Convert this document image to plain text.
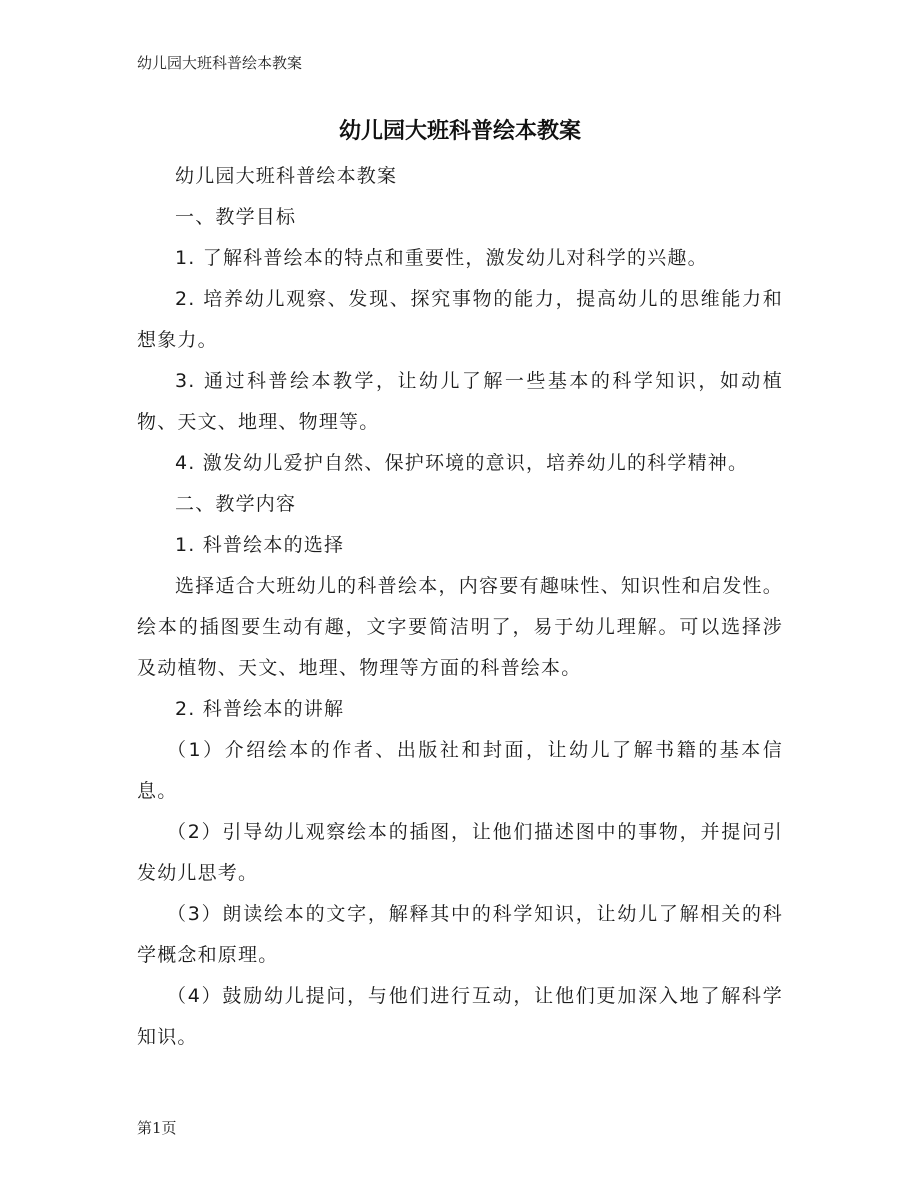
幼儿园大班科普绘本教案
幼儿园大班科普绘本教案

幼儿园大班科普绘本教案

一、教学目标

1. 了解科普绘本的特点和重要性，激发幼儿对科学的兴趣。

2. 培养幼儿观察、发现、探究事物的能力，提高幼儿的思维能力和想象力。

3. 通过科普绘本教学，让幼儿了解一些基本的科学知识，如动植物、天文、地理、物理等。

4. 激发幼儿爱护自然、保护环境的意识，培养幼儿的科学精神。

二、教学内容

1. 科普绘本的选择

选择适合大班幼儿的科普绘本，内容要有趣味性、知识性和启发性。绘本的插图要生动有趣，文字要简洁明了，易于幼儿理解。可以选择涉及动植物、天文、地理、物理等方面的科普绘本。

2. 科普绘本的讲解

（1）介绍绘本的作者、出版社和封面，让幼儿了解书籍的基本信息。

（2）引导幼儿观察绘本的插图，让他们描述图中的事物，并提问引发幼儿思考。

（3）朗读绘本的文字，解释其中的科学知识，让幼儿了解相关的科学概念和原理。

（4）鼓励幼儿提问，与他们进行互动，让他们更加深入地了解科学知识。

第1页
